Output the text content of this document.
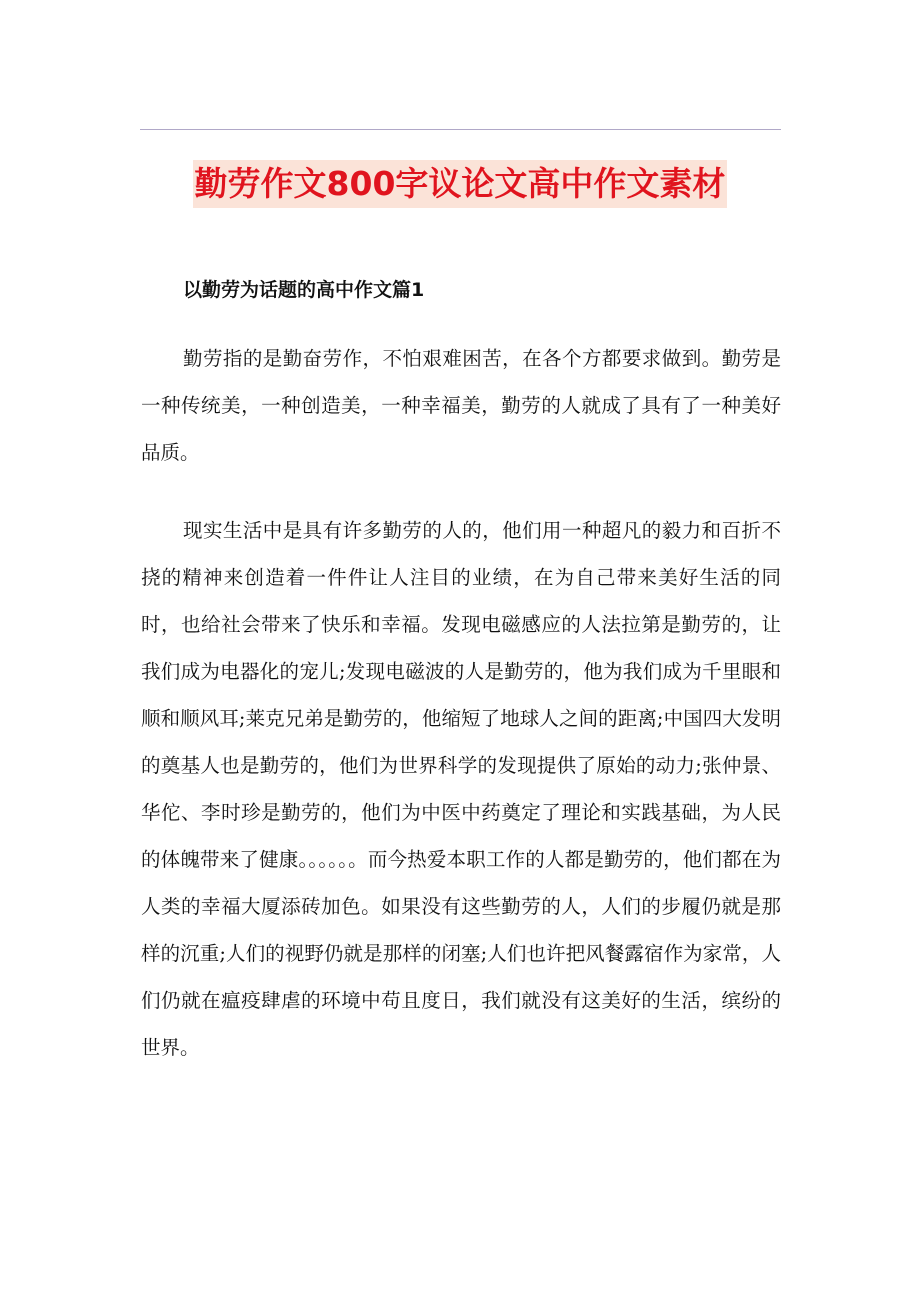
勤劳作文800字议论文高中作文素材

以勤劳为话题的高中作文篇1

勤劳指的是勤奋劳作，不怕艰难困苦，在各个方都要求做到。勤劳是一种传统美，一种创造美，一种幸福美，勤劳的人就成了具有了一种美好品质。

现实生活中是具有许多勤劳的人的，他们用一种超凡的毅力和百折不挠的精神来创造着一件件让人注目的业绩，在为自己带来美好生活的同时，也给社会带来了快乐和幸福。发现电磁感应的人法拉第是勤劳的，让我们成为电器化的宠儿;发现电磁波的人是勤劳的，他为我们成为千里眼和顺和顺风耳;莱克兄弟是勤劳的，他缩短了地球人之间的距离;中国四大发明的奠基人也是勤劳的，他们为世界科学的发现提供了原始的动力;张仲景、华佗、李时珍是勤劳的，他们为中医中药奠定了理论和实践基础，为人民的体魄带来了健康。。。。。。而今热爱本职工作的人都是勤劳的，他们都在为人类的幸福大厦添砖加色。如果没有这些勤劳的人，人们的步履仍就是那样的沉重;人们的视野仍就是那样的闭塞;人们也许把风餐露宿作为家常，人们仍就在瘟疫肆虐的环境中苟且度日，我们就没有这美好的生活，缤纷的世界。
